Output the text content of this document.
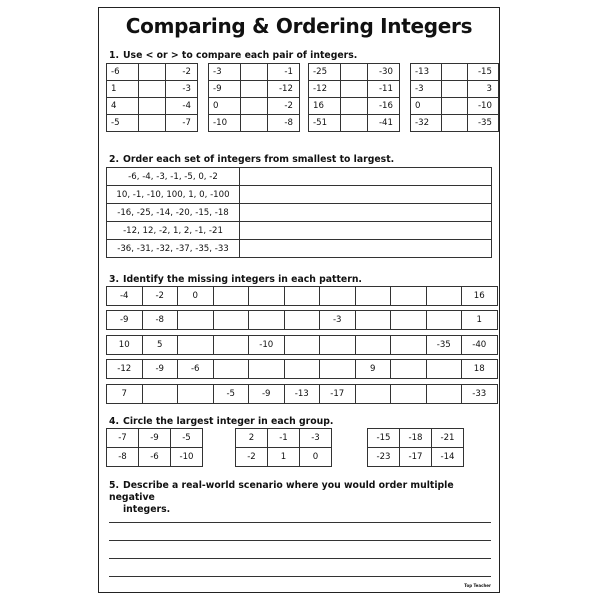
Comparing & Ordering Integers
1. Use < or > to compare each pair of integers.
-6		-2
1		-3
4		-4
-5		-7
-3		-1
-9		-12
0		-2
-10		-8
-25		-30
-12		-11
16		-16
-51		-41
-13		-15
-3		3
0		-10
-32		-35
2. Order each set of integers from smallest to largest.
-6, -4, -3, -1, -5, 0, -2	
10, -1, -10, 100, 1, 0, -100	
-16, -25, -14, -20, -15, -18	
-12, 12, -2, 1, 2, -1, -21	
-36, -31, -32, -37, -35, -33	
3. Identify the missing integers in each pattern.
-4	-2	0								16
-9	-8					-3				1
10	5			-10					-35	-40
-12	-9	-6					9			18
7			-5	-9	-13	-17				-33
4. Circle the largest integer in each group.
-7	-9	-5
-8	-6	-10
2	-1	-3
-2	1	0
-15	-18	-21
-23	-17	-14
5. Describe a real-world scenario where you would order multiple negative
integers.
Top Teacher
